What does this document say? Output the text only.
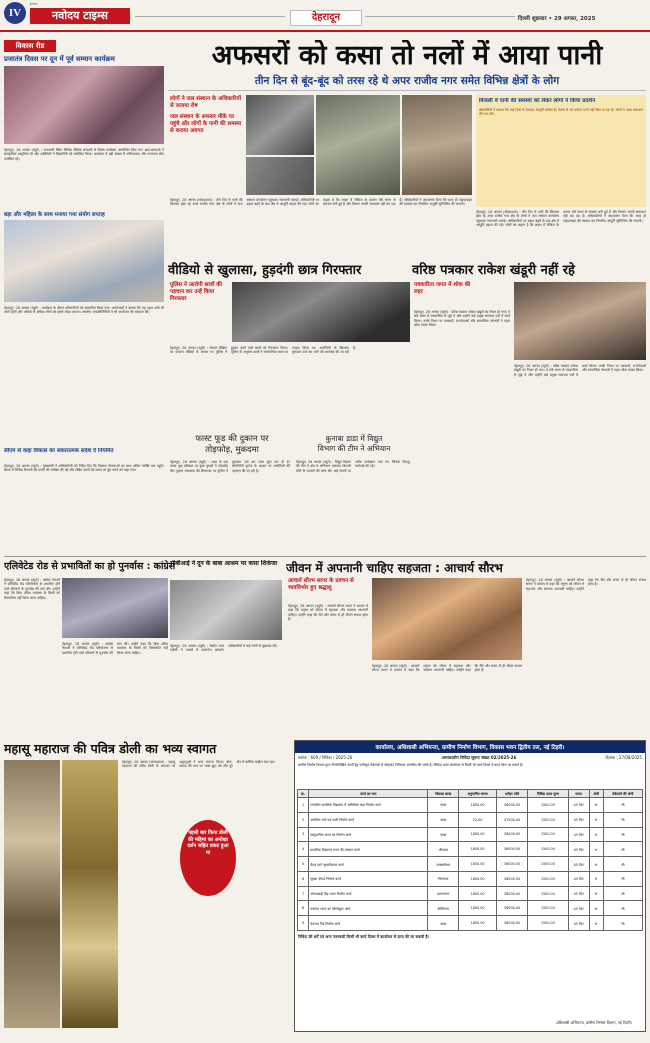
IV
ई-पेपर
नवोदय टाइम्स	देहरादून	दिल्ली शुक्रवार • 29 अगस्त, 2025
विकास रीड
प्रजातंत्र दिवस पर दून में पूर्व सम्मान कार्यक्रम
देहरादून, 28 अगस्त (ब्यूरो) : राजधानी स्थित विभिन्न शैक्षिक संस्थानों में विशेष कार्यक्रम आयोजित किए गए। छात्र-छात्राओं ने सांस्कृतिक प्रस्तुतियां दीं और अतिथियों ने विद्यार्थियों को संबोधित किया। कार्यक्रम में बड़ी संख्या में अभिभावक और गणमान्य लोग उपस्थित रहे।
बड़ा और महिला के साथ मनाया गया संयोग सप्ताह
देहरादून, 28 अगस्त (ब्यूरो) : कार्यक्रम के दौरान प्रतिभागियों को सम्मानित किया गया। आयोजकों ने बताया कि यह पहल आगे भी जारी रहेगी और अधिक से अधिक लोगों को इससे जोड़ा जाएगा। स्थानीय जनप्रतिनिधियों ने भी आयोजन की सराहना की।
सीएम से कहा विकास का सकारात्मक संदेश दें नियमित
देहरादून, 28 अगस्त (ब्यूरो) : मुख्यमंत्री ने अधिकारियों को निर्देश दिए कि विकास योजनाओं का लाभ अंतिम व्यक्ति तक पहुंचे। बैठक में विभिन्न विभागों की प्रगति की समीक्षा की गई और लंबित कार्यों को समय पर पूरा करने को कहा गया।
अफसरों को कसा तो नलों में आया पानी
तीन दिन से बूंद-बूंद को तरस रहे थे अपर राजीव नगर समेत विभिन्न क्षेत्रों के लोग
लोगों ने जल संस्थान के अधिकारियों से जताया रोष
जल संस्थान के अफसर मौके पर पहुंचे और लोगों के पानी की समस्या से कराया अवगत
देहरादून, 28 अगस्त (संवाददाता) : तीन दिन से पानी की किल्लत झेल रहे अपर राजीव नगर क्षेत्र के लोगों ने जल संस्थान कार्यालय पहुंचकर नाराजगी जताई। अधिकारियों पर दबाव बढ़ने के बाद क्षेत्र में आपूर्ति बहाल की गई। लोगों का कहना है कि लाइन में लीकेज के कारण लंबे समय से समस्या बनी हुई है और विभाग स्थायी समाधान नहीं कर रहा है। अधिकारियों ने आश्वासन दिया कि जल्द ही पाइपलाइन की मरम्मत कर नियमित आपूर्ति सुनिश्चित की जाएगी।
बिजली व पानी की समस्या को लेकर लोगों ने किया प्रदर्शन
क्षेत्रवासियों ने बताया कि कई दिनों से पेयजल आपूर्ति बाधित है। टैंकरों से भी पर्याप्त पानी नहीं मिल पा रहा है। लोगों ने जल्द समाधान की मांग की।
देहरादून, 28 अगस्त (संवाददाता) : तीन दिन से पानी की किल्लत झेल रहे अपर राजीव नगर क्षेत्र के लोगों ने जल संस्थान कार्यालय पहुंचकर नाराजगी जताई। अधिकारियों पर दबाव बढ़ने के बाद क्षेत्र में आपूर्ति बहाल की गई। लोगों का कहना है कि लाइन में लीकेज के कारण लंबे समय से समस्या बनी हुई है और विभाग स्थायी समाधान नहीं कर रहा है। अधिकारियों ने आश्वासन दिया कि जल्द ही पाइपलाइन की मरम्मत कर नियमित आपूर्ति सुनिश्चित की जाएगी।
वीडियो से खुलासा, हुड़दंगी छात्र गिरफ्तार
पुलिस ने आरोपी छात्रों की पहचान कर उन्हें किया गिरफ्तार
देहरादून, 28 अगस्त (ब्यूरो) : सोशल मीडिया पर वायरल वीडियो के आधार पर पुलिस ने हुड़दंग करने वाले छात्रों को गिरफ्तार किया। पुलिस के अनुसार छात्रों ने सार्वजनिक स्थान पर उपद्रव किया था। आरोपियों के खिलाफ मुकदमा दर्ज कर आगे की कार्रवाई की जा रही है।
वरिष्ठ पत्रकार राकेश खंडूरी नहीं रहे
पत्रकारिता जगत में शोक की लहर
देहरादून, 28 अगस्त (ब्यूरो) : वरिष्ठ पत्रकार राकेश खंडूरी का निधन हो गया। वे लंबे समय से पत्रकारिता से जुड़े थे और उन्होंने कई प्रमुख समाचार पत्रों में कार्य किया। उनके निधन पर पत्रकारों, राजनेताओं और सामाजिक संगठनों ने गहरा शोक व्यक्त किया।
देहरादून, 28 अगस्त (ब्यूरो) : वरिष्ठ पत्रकार राकेश खंडूरी का निधन हो गया। वे लंबे समय से पत्रकारिता से जुड़े थे और उन्होंने कई प्रमुख समाचार पत्रों में कार्य किया। उनके निधन पर पत्रकारों, राजनेताओं और सामाजिक संगठनों ने गहरा शोक व्यक्त किया।
फास्ट फूड की दुकान पर
तोड़फोड़, मुकदमा
कुनाबा डाडा में विद्युत
विभाग की टीम ने अभियान
देहरादून, 28 अगस्त (ब्यूरो) : शहर के एक फास्ट फूड प्रतिष्ठान पर कुछ युवकों ने तोड़फोड़ की। दुकान संचालक की शिकायत पर पुलिस ने मुकदमा दर्ज कर जांच शुरू कर दी है। सीसीटीवी फुटेज के आधार पर आरोपियों की पहचान की जा रही है।
देहरादून, 28 अगस्त (ब्यूरो) : विद्युत विभाग की टीम ने क्षेत्र में अभियान चलाकर बिजली चोरी के मामलों की जांच की। कई स्थानों पर अवैध कनेक्शन पाए गए जिनके विरुद्ध कार्रवाई की गई।
एलिवेटेड रोड से प्रभावितों का हो पुनर्वास : कांग्रेस
देहरादून, 28 अगस्त (ब्यूरो) : कांग्रेस नेताओं ने एलिवेटेड रोड परियोजना से प्रभावित होने वाले परिवारों के पुनर्वास की मांग की। उन्होंने कहा कि बिना उचित व्यवस्था के किसी को विस्थापित नहीं किया जाना चाहिए।
देहरादून, 28 अगस्त (ब्यूरो) : कांग्रेस नेताओं ने एलिवेटेड रोड परियोजना से प्रभावित होने वाले परिवारों के पुनर्वास की मांग की। उन्होंने कहा कि बिना उचित व्यवस्था के किसी को विस्थापित नहीं किया जाना चाहिए।
सीबीआई ने दून के बाबा आश्रम पर कसा शिकंजा
देहरादून, 28 अगस्त (ब्यूरो) : केंद्रीय जांच एजेंसी ने मामले में दस्तावेज खंगाले। अधिकारियों ने कई लोगों से पूछताछ की।
जीवन में अपनानी चाहिए सहजता : आचार्य सौरभ
आचार्य सौरभ सागर के प्रवचन से भावविभोर हुए श्रद्धालु
देहरादून, 28 अगस्त (ब्यूरो) : आचार्य सौरभ सागर ने प्रवचन में कहा कि मनुष्य को जीवन में सहजता और सरलता अपनानी चाहिए। उन्होंने कहा कि धैर्य और संयम से ही जीवन सफल होता है।
देहरादून, 28 अगस्त (ब्यूरो) : आचार्य सौरभ सागर ने प्रवचन में कहा कि मनुष्य को जीवन में सहजता और सरलता अपनानी चाहिए। उन्होंने कहा कि धैर्य और संयम से ही जीवन सफल होता है।
देहरादून, 28 अगस्त (ब्यूरो) : आचार्य सौरभ सागर ने प्रवचन में कहा कि मनुष्य को जीवन में सहजता और सरलता अपनानी चाहिए। उन्होंने कहा कि धैर्य और संयम से ही जीवन सफल होता है।
महासू महाराज की पवित्र डोली का भव्य स्वागत
देहरादून, 28 अगस्त (संवाददाता) : महासू महाराज की पवित्र डोली के आगमन पर श्रद्धालुओं ने भव्य स्वागत किया। ढोल-दमाऊ की थाप पर भक्त झूम उठे और पूरे क्षेत्र में धार्मिक माहौल बना रहा।
पहली बार किया डोली की महिमा का अनोखा दर्शन सहित प्रकट हुआ था
कार्यालय, अधिशासी अभियन्ता, ग्रामीण निर्माण विभाग, विकास भवन द्वितीय तल, नई टिहरी।
पत्रांक : 609 / निविदा / 2025-26	अल्पकालीन निविदा सूचना संख्या 02/2025-26	दिनांक : 27/08/2025
ग्रामीण निर्माण विभाग द्वारा निम्नलिखित कार्यों हेतु पंजीकृत ठेकेदारों से मोहरबंद निविदाएं आमंत्रित की जाती हैं। निविदा प्रपत्र कार्यालय से किसी भी कार्य दिवस में प्राप्त किए जा सकते हैं।
क्र.	कार्य का नाम	विकास खण्ड	अनुमानित लागत	धरोहर राशि	निविदा प्रपत्र मूल्य	समय	श्रेणी	ठेकेदारों की श्रेणी
1	राजकीय प्राथमिक विद्यालय में अतिरिक्त कक्ष निर्माण कार्य	चम्बा	1800.00	36000.00	1500.00	45 दिन	स	सी
2	आंतरिक मार्ग एवं नाली निर्माण कार्य	चम्बा	22.00	47000.00	1500.00	45 दिन	स	सी
3	सामुदायिक भवन का निर्माण कार्य	चम्बा	1800.00	36000.00	1500.00	45 दिन	स	सी
4	प्राथमिक विद्यालय भवन की मरम्मत कार्य	थौलधार	1800.00	36000.00	1500.00	45 दिन	स	सी
5	पैदल मार्ग सुधारीकरण कार्य	जाखणीधार	1800.00	36000.00	1500.00	45 दिन	स	सी
6	सुरक्षा दीवार निर्माण कार्य	भिलंगना	1800.00	36000.00	1500.00	45 दिन	स	सी
7	आंगनबाड़ी केंद्र भवन निर्माण कार्य	प्रतापनगर	1800.00	36000.00	1500.00	45 दिन	स	सी
8	पंचायत भवन का जीर्णोद्धार कार्य	कीर्तिनगर	1800.00	36000.00	1500.00	45 दिन	स	सी
9	पेयजल टैंक निर्माण कार्य	चम्बा	1800.00	36000.00	1500.00	45 दिन	स	सी
निविदा की शर्तें एवं अन्य जानकारी किसी भी कार्य दिवस में कार्यालय से प्राप्त की जा सकती हैं।
अधिशासी अभियन्ता, ग्रामीण निर्माण विभाग, नई टिहरी।
